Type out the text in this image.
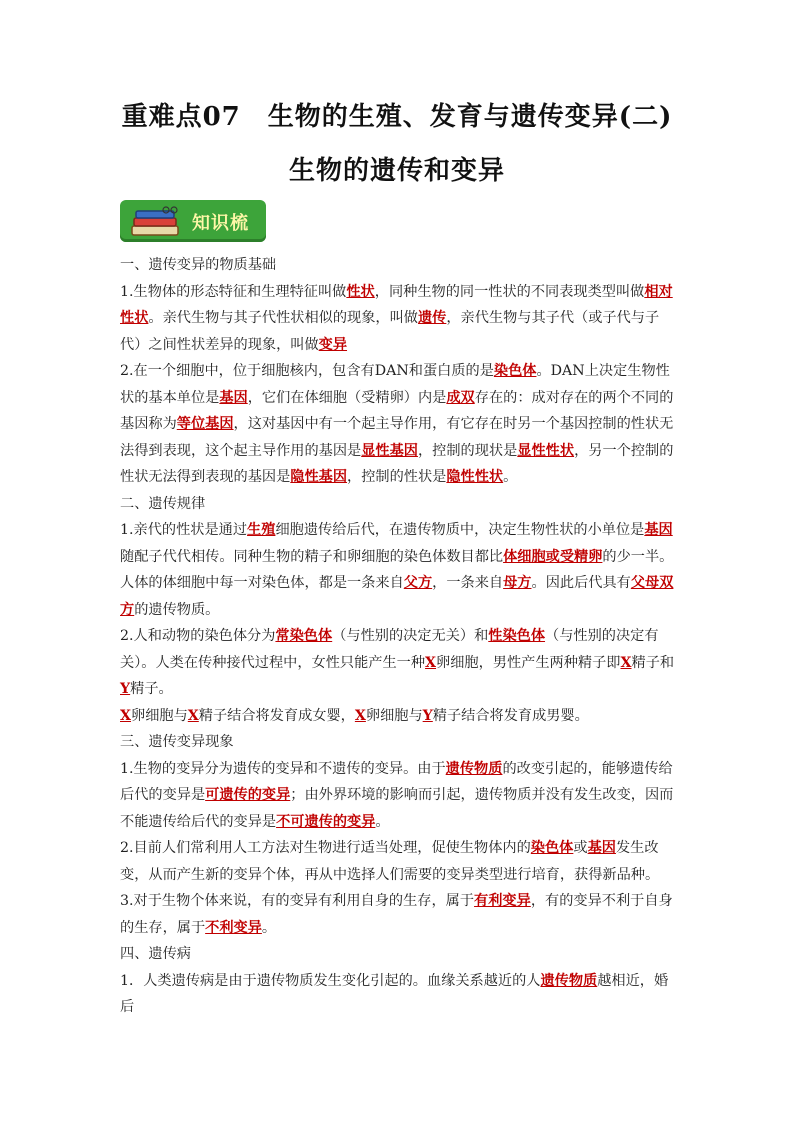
重难点07　生物的生殖、发育与遗传变异(二)
生物的遗传和变异
知识梳

一、遗传变异的物质基础

1.生物体的形态特征和生理特征叫做性状，同种生物的同一性状的不同表现类型叫做相对性状。亲代生物与其子代性状相似的现象，叫做遗传，亲代生物与其子代（或子代与子代）之间性状差异的现象，叫做变异

2.在一个细胞中，位于细胞核内，包含有DAN和蛋白质的是染色体。DAN上决定生物性状的基本单位是基因，它们在体细胞（受精卵）内是成双存在的：成对存在的两个不同的基因称为等位基因，这对基因中有一个起主导作用，有它存在时另一个基因控制的性状无法得到表现，这个起主导作用的基因是显性基因，控制的现状是显性性状，另一个控制的性状无法得到表现的基因是隐性基因，控制的性状是隐性性状。

二、遗传规律

1.亲代的性状是通过生殖细胞遗传给后代，在遗传物质中，决定生物性状的小单位是基因随配子代代相传。同种生物的精子和卵细胞的染色体数目都比体细胞或受精卵的少一半。人体的体细胞中每一对染色体，都是一条来自父方，一条来自母方。因此后代具有父母双方的遗传物质。

2.人和动物的染色体分为常染色体（与性别的决定无关）和性染色体（与性别的决定有关）。人类在传种接代过程中，女性只能产生一种X卵细胞，男性产生两种精子即X精子和Y精子。

X卵细胞与X精子结合将发育成女婴，X卵细胞与Y精子结合将发育成男婴。

三、遗传变异现象

1.生物的变异分为遗传的变异和不遗传的变异。由于遗传物质的改变引起的，能够遗传给后代的变异是可遗传的变异；由外界环境的影响而引起，遗传物质并没有发生改变，因而不能遗传给后代的变异是不可遗传的变异。

2.目前人们常利用人工方法对生物进行适当处理，促使生物体内的染色体或基因发生改变，从而产生新的变异个体，再从中选择人们需要的变异类型进行培育，获得新品种。

3.对于生物个体来说，有的变异有利用自身的生存，属于有利变异，有的变异不利于自身的生存，属于不利变异。

四、遗传病

1．人类遗传病是由于遗传物质发生变化引起的。血缘关系越近的人遗传物质越相近，婚后
